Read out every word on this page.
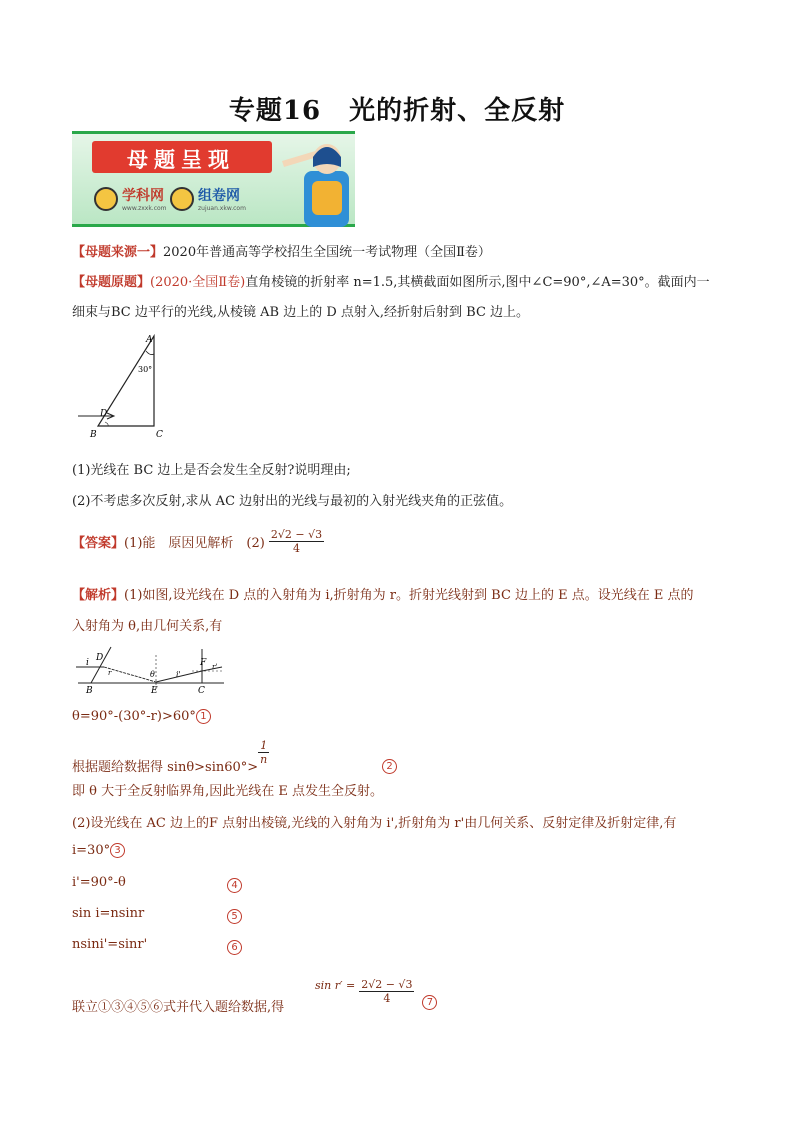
专题16 光的折射、全反射
母题呈现
学科网
www.zxxk.com
组卷网
zujuan.xkw.com
【母题来源一】2020年普通高等学校招生全国统一考试物理（全国Ⅱ卷）
【母题原题】(2020·全国Ⅱ卷)直角棱镜的折射率 n=1.5,其横截面如图所示,图中∠C=90°,∠A=30°。截面内一
细束与BC 边平行的光线,从棱镜 AB 边上的 D 点射入,经折射后射到 BC 边上。
A
30°
D
B	C
(1)光线在 BC 边上是否会发生全反射?说明理由;
(2)不考虑多次反射,求从 AC 边射出的光线与最初的入射光线夹角的正弦值。
【答案】 (1)能　原因见解析　$(2) \frac{2√2 - √3}{4}$
【解析】(1)如图,设光线在 D 点的入射角为 i,折射角为 r。折射光线射到 BC 边上的 E 点。设光线在 E 点的
入射角为 θ,由几何关系,有
i D
r	θ
E
i'
F r'
B	C
θ=90°-(30°-r)>60° 1
根据题给数据得 sinθ>sin60°>
$\frac{1}{n}$
2
即 θ 大于全反射临界角,因此光线在 E 点发生全反射。
(2)设光线在 AC 边上的F 点射出棱镜,光线的入射角为 i',折射角为 r'由几何关系、反射定律及折射定律,有
i=30° 3
i'=90°-θ	4
sin i=nsinr	5
nsini'=sinr'	6
联立①③④⑤⑥式并代入题给数据,得
$\sin r' = \frac{2√2 - √3}{4}$	7
